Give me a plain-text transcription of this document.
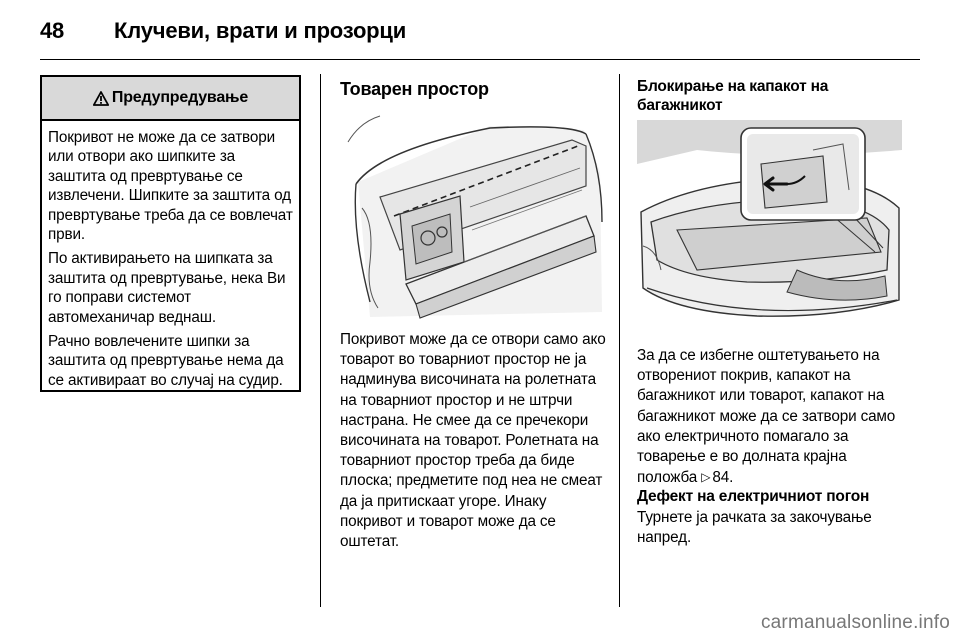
48	Клучеви, врати и прозорци
Предупредување

Покривот не може да се затвори или отвори ако шипките за заштита од превртување се извлечени. Шипките за заштита од превртување треба да се вовлечат први.

По активирањето на шипката за заштита од превртување, нека Ви го поправи системот автомеханичар веднаш.

Рачно вовлечените шипки за заштита од превртување нема да се активираат во случај на судир.

Товарен простор
Покривот може да се отвори само ако товарот во товарниот простор не ја надминува височината на ролетната на товарниот простор и не штрчи настрана. Не смее да се пречекори височината на товарот. Ролетната на товарниот простор треба да биде плоска; предметите под неа не смеат да ја притискаат угоре. Инаку покривот и товарот може да се оштетат.
Блокирање на капакот на багажникот
За да се избегне оштетувањето на отворениот покрив, капакот на багажникот или товарот, капакот на багажникот може да се затвори само ако електричното помагало за товарење е во долната крајна положба ▷ 84.
Дефект на електричниот погон
Турнете ја рачката за закочување напред.
carmanualsonline.info
